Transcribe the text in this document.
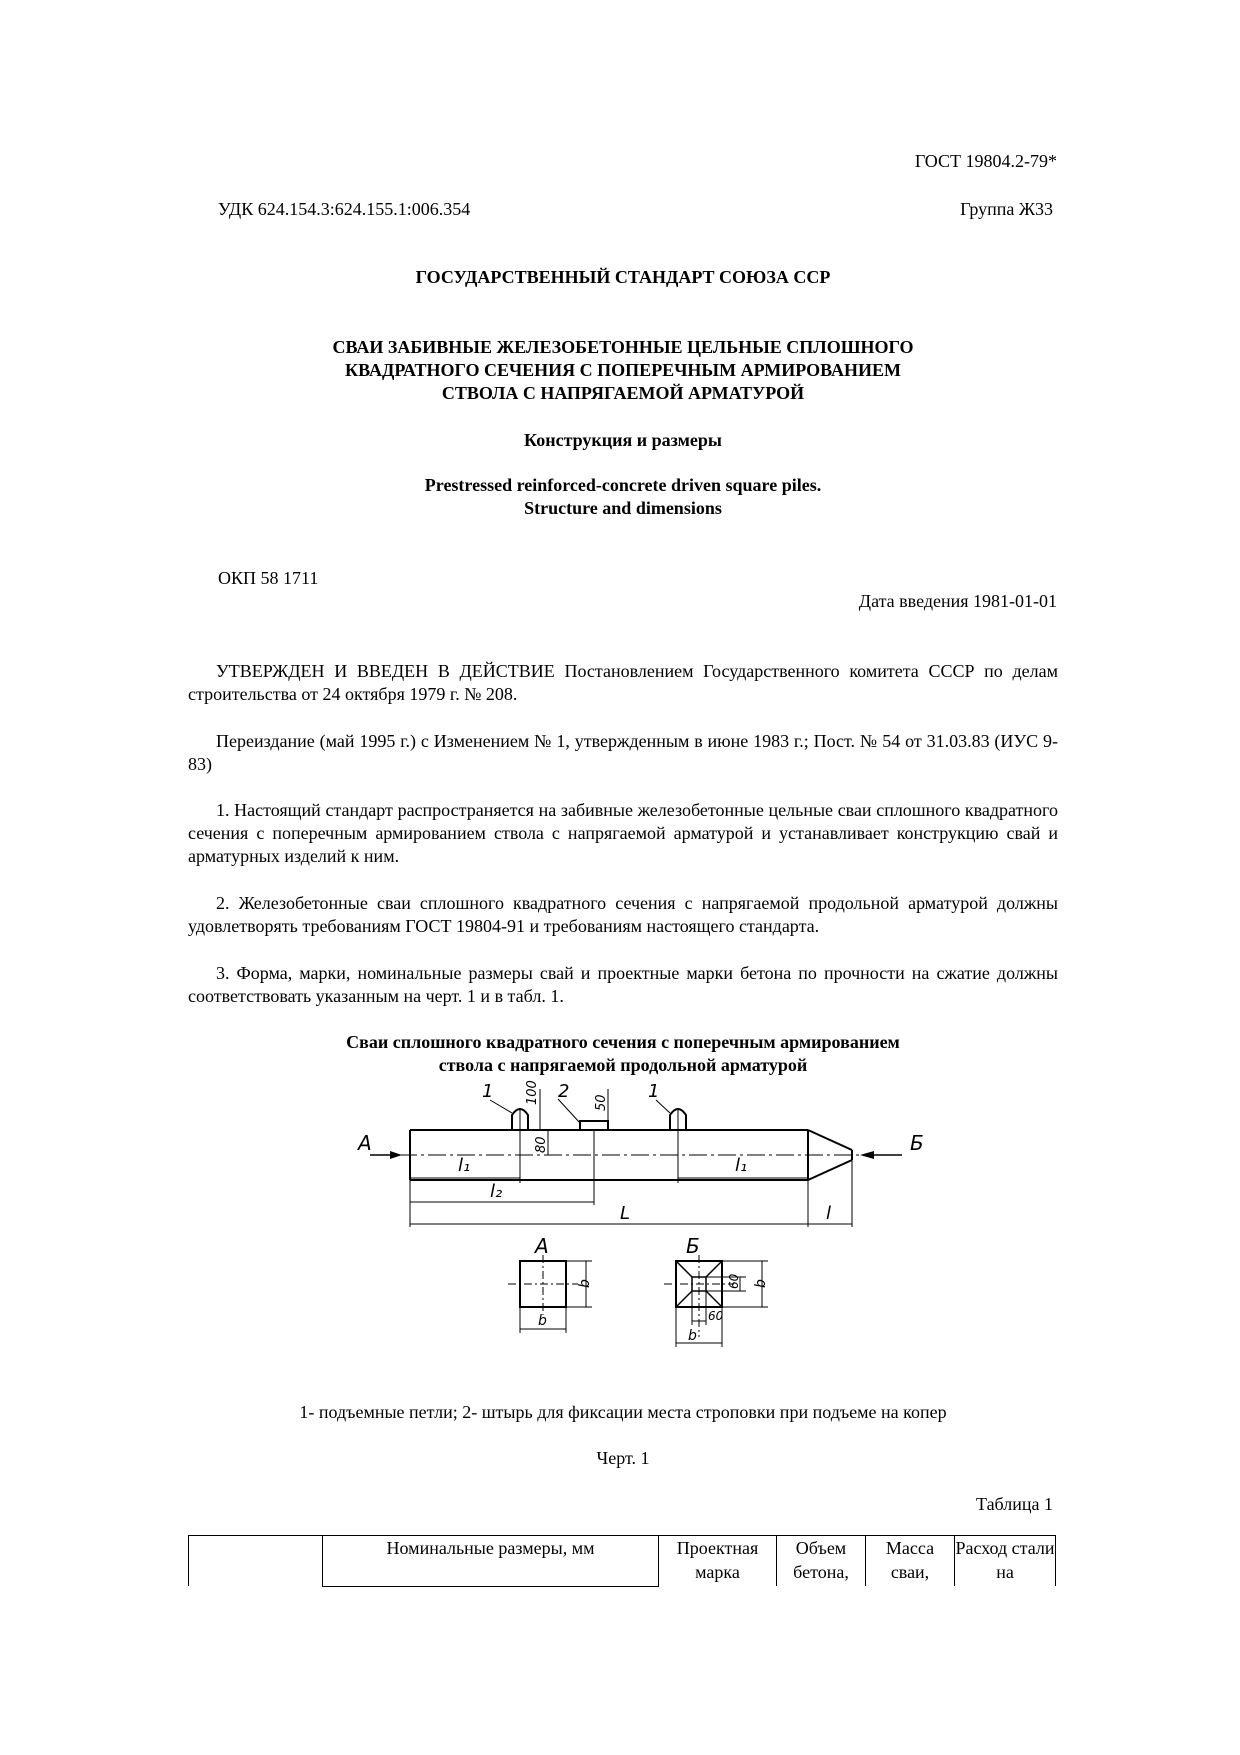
ГОСТ 19804.2-79*
УДК 624.154.3:624.155.1:006.354	Группа Ж33
ГОСУДАРСТВЕННЫЙ СТАНДАРТ СОЮЗА ССР
СВАИ ЗАБИВНЫЕ ЖЕЛЕЗОБЕТОННЫЕ ЦЕЛЬНЫЕ СПЛОШНОГО
КВАДРАТНОГО СЕЧЕНИЯ С ПОПЕРЕЧНЫМ АРМИРОВАНИЕМ
СТВОЛА С НАПРЯГАЕМОЙ АРМАТУРОЙ
Конструкция и размеры
Prestressed reinforced-concrete driven square piles.
Structure and dimensions
ОКП 58 1711
Дата введения 1981-01-01
УТВЕРЖДЕН И ВВЕДЕН В ДЕЙСТВИЕ Постановлением Государственного комитета СССР по делам строительства от 24 октября 1979 г. № 208.
Переиздание (май 1995 г.) с Изменением № 1, утвержденным в июне 1983 г.; Пост. № 54 от 31.03.83 (ИУС 9-83)
1. Настоящий стандарт распространяется на забивные железобетонные цельные сваи сплошного квадратного сечения с поперечным армированием ствола с напрягаемой арматурой и устанавливает конструкцию свай и арматурных изделий к ним.
2. Железобетонные сваи сплошного квадратного сечения с напрягаемой продольной арматурой должны удовлетворять требованиям ГОСТ 19804-91 и требованиям настоящего стандарта.
3. Форма, марки, номинальные размеры свай и проектные марки бетона по прочности на сжатие должны соответствовать указанным на черт. 1 и в табл. 1.
Сваи сплошного квадратного сечения с поперечным армированием
ствола с напрягаемой продольной арматурой
А	Б
1 100
80
2
50
1
l₁	l₁
l₂
L	l
А
b
b
Б
60 b
60
b
1- подъемные петли; 2- штырь для фиксации места строповки при подъеме на копер
Черт. 1
Таблица 1
	Номинальные размеры, мм	Проектная марка	Объем бетона,	Масса сваи,	Расход стали на
